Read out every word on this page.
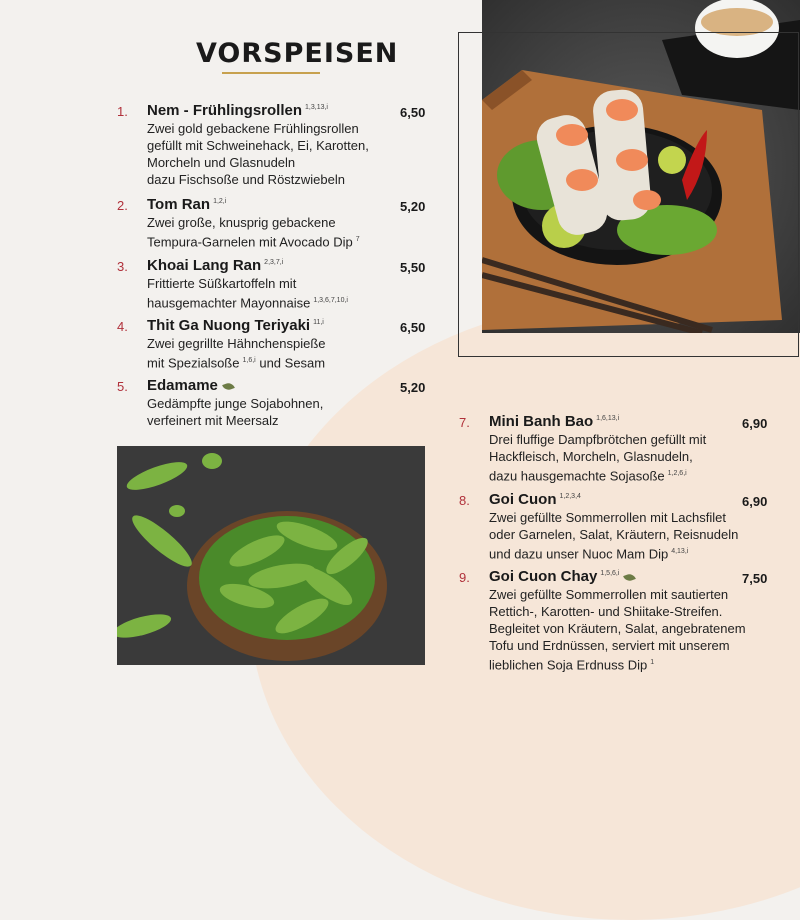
VORSPEISEN
1. Nem - Frühlingsrollen $^{1,3,13,i}$	6,50
Zwei gold gebackene Frühlingsrollen
gefüllt mit Schweinehack, Ei, Karotten,
Morcheln und Glasnudeln
dazu Fischsoße und Röstzwiebeln
2. Tom Ran $^{1,2,i}$	5,20
Zwei große, knusprig gebackene
Tempura-Garnelen mit Avocado Dip $^7$
3. Khoai Lang Ran $^{2,3,7,i}$	5,50
Frittierte Süßkartoffeln mit
hausgemachter Mayonnaise $^{1,3,6,7,10,i}$
4. Thit Ga Nuong Teriyaki $^{11,i}$	6,50
Zwei gegrillte Hähnchenspieße
mit Spezialsoße $^{1,6,i}$ und Sesam
5. Edamame	5,20
Gedämpfte junge Sojabohnen,
verfeinert mit Meersalz	7. Mini Banh Bao $^{1,6,13,i}$	6,90
Drei fluffige Dampfbrötchen gefüllt mit
Hackfleisch, Morcheln, Glasnudeln,
dazu hausgemachte Sojasoße $^{1,2,6,i}$
8. Goi Cuon $^{1,2,3,4}$	6,90
Zwei gefüllte Sommerrollen mit Lachsfilet
oder Garnelen, Salat, Kräutern, Reisnudeln
und dazu unser Nuoc Mam Dip $^{4,13,i}$
9. Goi Cuon Chay $^{1,5,6,i}$	7,50
Zwei gefüllte Sommerrollen mit sautierten
Rettich-, Karotten- und Shiitake-Streifen.
Begleitet von Kräutern, Salat, angebratenem
Tofu und Erdnüssen, serviert mit unserem
lieblichen Soja Erdnuss Dip $^1$
